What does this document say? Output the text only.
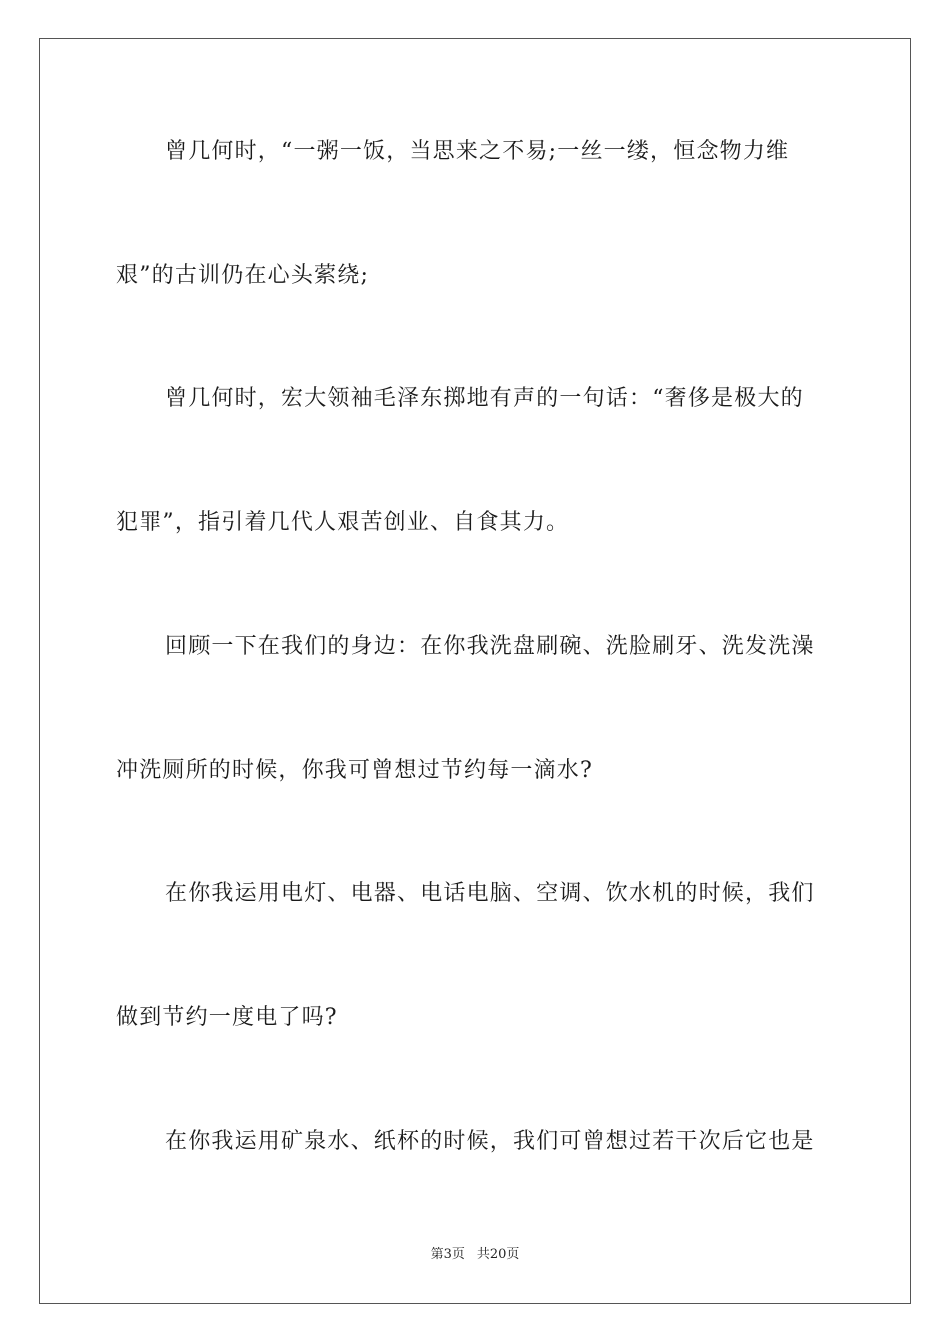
曾几何时，“一粥一饭，当思来之不易;一丝一缕，恒念物力维
艰”的古训仍在心头萦绕;
曾几何时，宏大领袖毛泽东掷地有声的一句话：“奢侈是极大的
犯罪”，指引着几代人艰苦创业、自食其力。
回顾一下在我们的身边：在你我洗盘刷碗、洗脸刷牙、洗发洗澡
冲洗厕所的时候，你我可曾想过节约每一滴水?
在你我运用电灯、电器、电话电脑、空调、饮水机的时候，我们
做到节约一度电了吗?
在你我运用矿泉水、纸杯的时候，我们可曾想过若干次后它也是
第3页 共20页
